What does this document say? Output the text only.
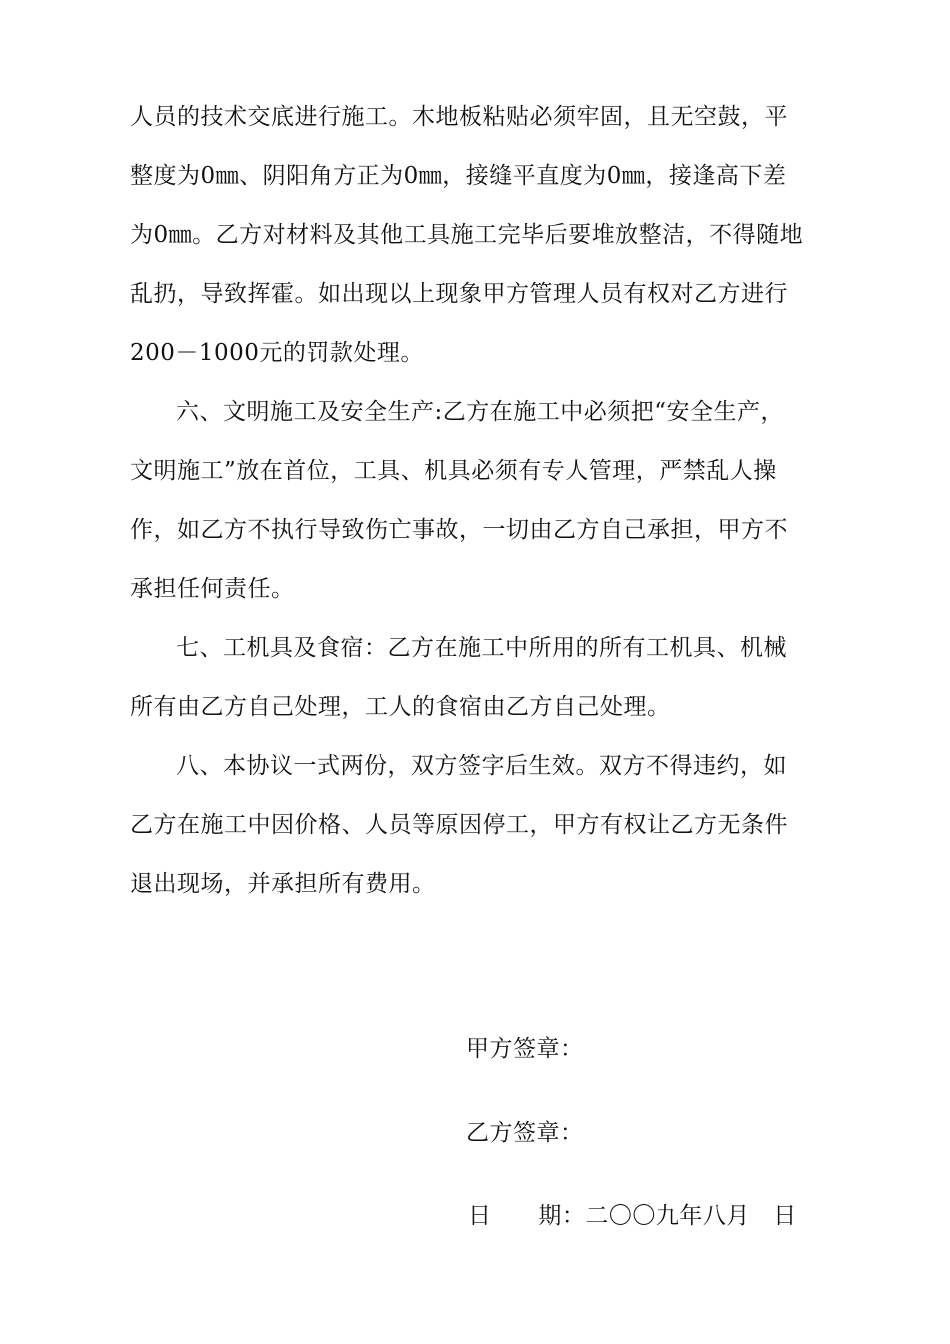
人员的技术交底进行施工。木地板粘贴必须牢固，且无空鼓，平
整度为0㎜、阴阳角方正为0㎜，接缝平直度为0㎜，接逢高下差
为0㎜。乙方对材料及其他工具施工完毕后要堆放整洁，不得随地
乱扔，导致挥霍。如出现以上现象甲方管理人员有权对乙方进行
200－1000元的罚款处理。
六、文明施工及安全生产:乙方在施工中必须把“安全生产，
文明施工”放在首位，工具、机具必须有专人管理，严禁乱人操
作，如乙方不执行导致伤亡事故，一切由乙方自己承担，甲方不
承担任何责任。
七、工机具及食宿：乙方在施工中所用的所有工机具、机械
所有由乙方自己处理，工人的食宿由乙方自己处理。
八、本协议一式两份，双方签字后生效。双方不得违约，如
乙方在施工中因价格、人员等原因停工，甲方有权让乙方无条件
退出现场，并承担所有费用。
甲方签章：
乙方签章：
日      期：二〇〇九年八月   日
